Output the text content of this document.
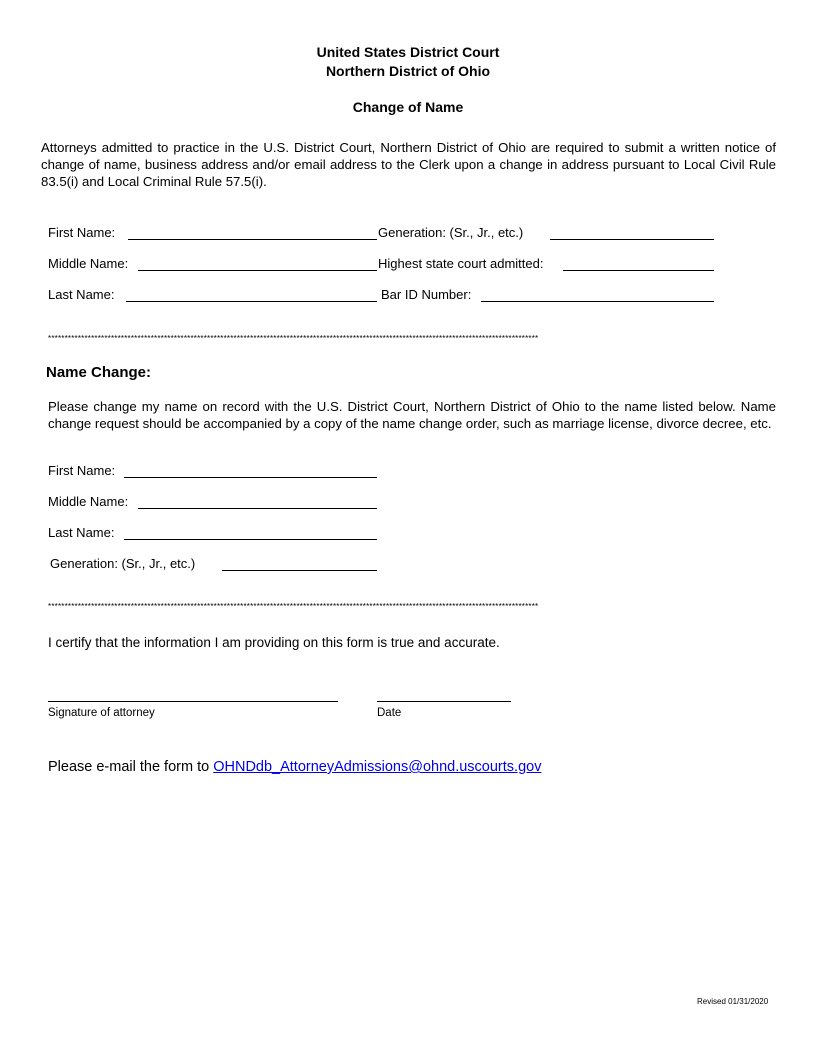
United States District Court
Northern District of Ohio
Change of Name
Attorneys admitted to practice in the U.S. District Court, Northern District of Ohio are required to submit a written notice of change of name, business address and/or email address to the Clerk upon a change in address pursuant to Local Civil Rule 83.5(i) and Local Criminal Rule 57.5(i).
First Name:	Generation: (Sr., Jr., etc.)
Middle Name:	Highest state court admitted:
Last Name:	Bar ID Number:
****************************************************************************************************************************************************
Name Change:
Please change my name on record with the U.S. District Court, Northern District of Ohio to the name listed below. Name change request should be accompanied by a copy of the name change order, such as marriage license, divorce decree, etc.
First Name:
Middle Name:
Last Name:
Generation: (Sr., Jr., etc.)
****************************************************************************************************************************************************
I certify that the information I am providing on this form is true and accurate.
Signature of attorney	Date
Please e-mail the form to OHNDdb_AttorneyAdmissions@ohnd.uscourts.gov
Revised 01/31/2020
